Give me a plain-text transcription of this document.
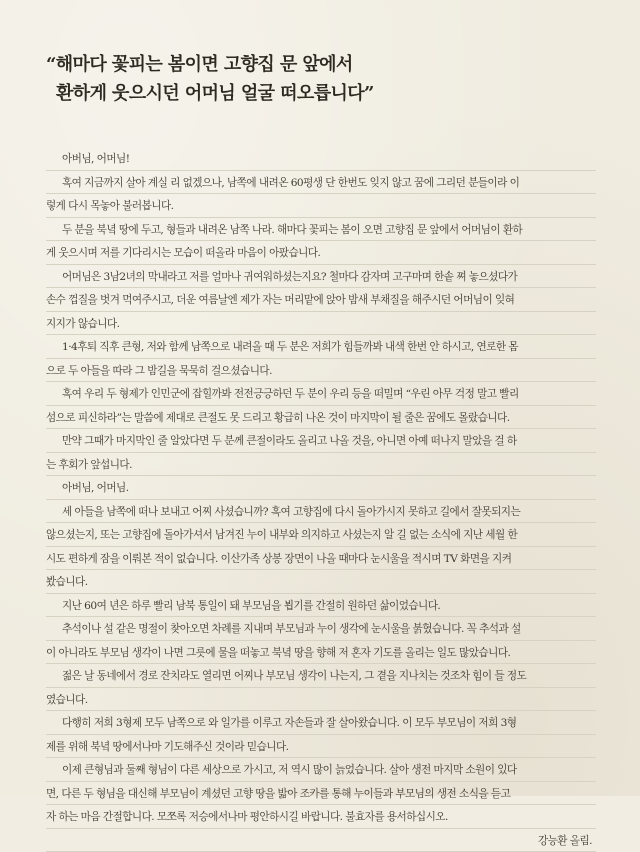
“해마다 꽃피는 봄이면 고향집 문 앞에서
환하게 웃으시던 어머님 얼굴 떠오릅니다”
아버님, 어머님!
혹여 지금까지 살아 계실 리 없겠으나, 남쪽에 내려온 60평생 단 한번도 잊지 않고 꿈에 그리던 분들이라 이
렇게 다시 목놓아 불러봅니다.
두 분을 북녘 땅에 두고, 형들과 내려온 남쪽 나라. 해마다 꽃피는 봄이 오면 고향집 문 앞에서 어머님이 환하
게 웃으시며 저를 기다리시는 모습이 떠올라 마음이 아팠습니다.
어머님은 3남2녀의 막내라고 저를 얼마나 귀여워하셨는지요? 철마다 감자며 고구마며 한솥 쪄 놓으셨다가
손수 껍질을 벗겨 먹여주시고, 더운 여름날엔 제가 자는 머리맡에 앉아 밤새 부채질을 해주시던 어머님이 잊혀
지지가 않습니다.
1·4후퇴 직후 큰형, 저와 함께 남쪽으로 내려올 때 두 분은 저희가 힘들까봐 내색 한번 안 하시고, 연로한 몸
으로 두 아들을 따라 그 밤길을 묵묵히 걸으셨습니다.
혹여 우리 두 형제가 인민군에 잡힐까봐 전전긍긍하던 두 분이 우리 등을 떠밀며 “우린 아무 걱정 말고 빨리
섬으로 피신하라”는 말씀에 제대로 큰절도 못 드리고 황급히 나온 것이 마지막이 될 줄은 꿈에도 몰랐습니다.
만약 그때가 마지막인 줄 알았다면 두 분께 큰절이라도 올리고 나올 것을, 아니면 아예 떠나지 말았을 걸 하
는 후회가 앞섭니다.
아버님, 어머님.
세 아들을 남쪽에 떠나 보내고 어찌 사셨습니까? 혹여 고향집에 다시 돌아가시지 못하고 길에서 잘못되지는
않으셨는지, 또는 고향집에 돌아가셔서 남겨진 누이 내부와 의지하고 사셨는지 알 길 없는 소식에 지난 세월 한
시도 편하게 잠을 이뤄본 적이 없습니다. 이산가족 상봉 장면이 나올 때마다 눈시울을 적시며 TV 화면을 지켜
봤습니다.
지난 60여 년은 하루 빨리 남북 통일이 돼 부모님을 뵙기를 간절히 원하던 삶이었습니다.
추석이나 설 같은 명절이 찾아오면 차례를 지내며 부모님과 누이 생각에 눈시울을 붉혔습니다. 꼭 추석과 설
이 아니라도 부모님 생각이 나면 그릇에 물을 떠놓고 북녘 땅을 향해 저 혼자 기도를 올리는 일도 많았습니다.
젊은 날 동네에서 경로 잔치라도 열리면 어찌나 부모님 생각이 나는지, 그 곁을 지나치는 것조차 힘이 들 정도
였습니다.
다행히 저희 3형제 모두 남쪽으로 와 일가를 이루고 자손들과 잘 살아왔습니다. 이 모두 부모님이 저희 3형
제를 위해 북녘 땅에서나마 기도해주신 것이라 믿습니다.
이제 큰형님과 둘째 형님이 다른 세상으로 가시고, 저 역시 많이 늙었습니다. 살아 생전 마지막 소원이 있다
면, 다른 두 형님을 대신해 부모님이 계셨던 고향 땅을 밟아 조카를 통해 누이들과 부모님의 생전 소식을 듣고
자 하는 마음 간절합니다. 모쪼록 저승에서나마 평안하시길 바랍니다. 불효자를 용서하십시오.
강능환 올림.
